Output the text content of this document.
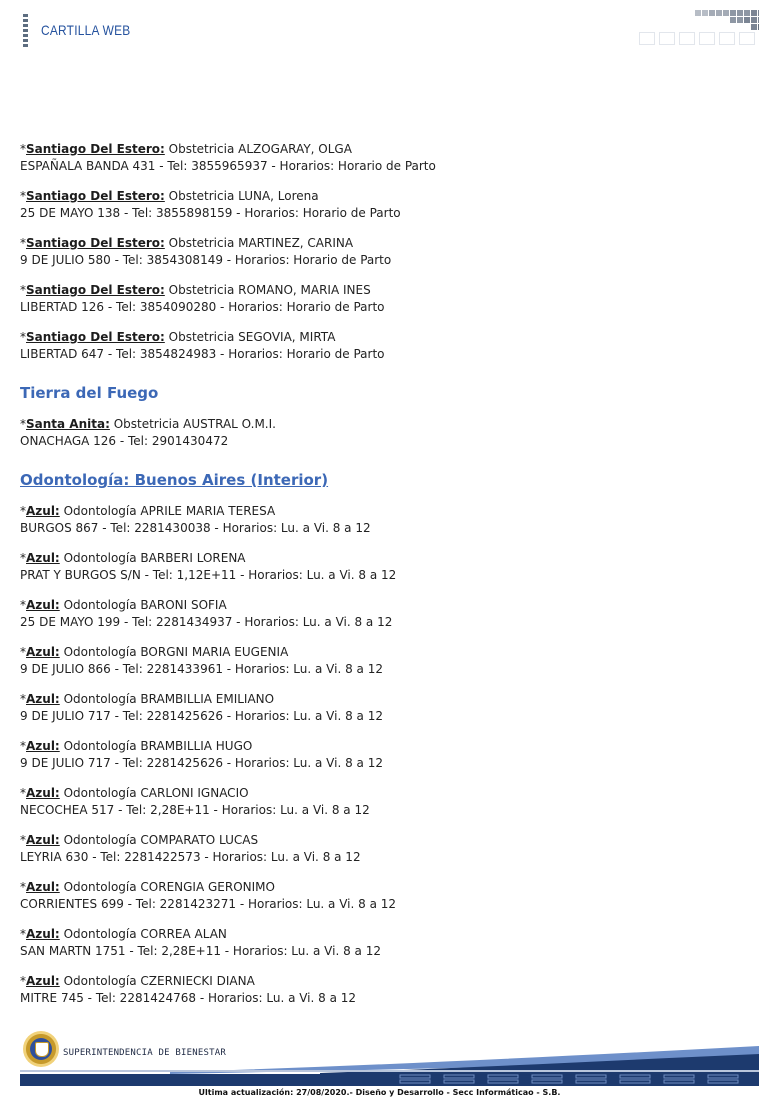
CARTILLA WEB
*Santiago Del Estero: Obstetricia ALZOGARAY, OLGA
ESPAÑALA BANDA 431 - Tel: 3855965937 - Horarios: Horario de Parto
*Santiago Del Estero: Obstetricia LUNA, Lorena
25 DE MAYO 138 - Tel: 3855898159 - Horarios: Horario de Parto
*Santiago Del Estero: Obstetricia MARTINEZ, CARINA
9 DE JULIO 580 - Tel: 3854308149 - Horarios: Horario de Parto
*Santiago Del Estero: Obstetricia ROMANO, MARIA INES
LIBERTAD 126 - Tel: 3854090280 - Horarios: Horario de Parto
*Santiago Del Estero: Obstetricia SEGOVIA, MIRTA
LIBERTAD 647 - Tel: 3854824983 - Horarios: Horario de Parto
Tierra del Fuego
*Santa Anita: Obstetricia AUSTRAL O.M.I.
ONACHAGA 126 - Tel: 2901430472
Odontología: Buenos Aires (Interior)
*Azul: Odontología APRILE MARIA TERESA
BURGOS 867 - Tel: 2281430038 - Horarios: Lu. a Vi. 8 a 12
*Azul: Odontología BARBERI LORENA
PRAT Y BURGOS S/N - Tel: 1,12E+11 - Horarios: Lu. a Vi. 8 a 12
*Azul: Odontología BARONI SOFIA
25 DE MAYO 199 - Tel: 2281434937 - Horarios: Lu. a Vi. 8 a 12
*Azul: Odontología BORGNI MARIA EUGENIA
9 DE JULIO 866 - Tel: 2281433961 - Horarios: Lu. a Vi. 8 a 12
*Azul: Odontología BRAMBILLIA EMILIANO
9 DE JULIO 717 - Tel: 2281425626 - Horarios: Lu. a Vi. 8 a 12
*Azul: Odontología BRAMBILLIA HUGO
9 DE JULIO 717 - Tel: 2281425626 - Horarios: Lu. a Vi. 8 a 12
*Azul: Odontología CARLONI IGNACIO
NECOCHEA 517 - Tel: 2,28E+11 - Horarios: Lu. a Vi. 8 a 12
*Azul: Odontología COMPARATO LUCAS
LEYRIA 630 - Tel: 2281422573 - Horarios: Lu. a Vi. 8 a 12
*Azul: Odontología CORENGIA GERONIMO
CORRIENTES 699 - Tel: 2281423271 - Horarios: Lu. a Vi. 8 a 12
*Azul: Odontología CORREA ALAN
SAN MARTN 1751 - Tel: 2,28E+11 - Horarios: Lu. a Vi. 8 a 12
*Azul: Odontología CZERNIECKI DIANA
MITRE 745 - Tel: 2281424768 - Horarios: Lu. a Vi. 8 a 12
SUPERINTENDENCIA DE BIENESTAR
Ultima actualización: 27/08/2020.- Diseño y Desarrollo - Secc Informáticao - S.B.
